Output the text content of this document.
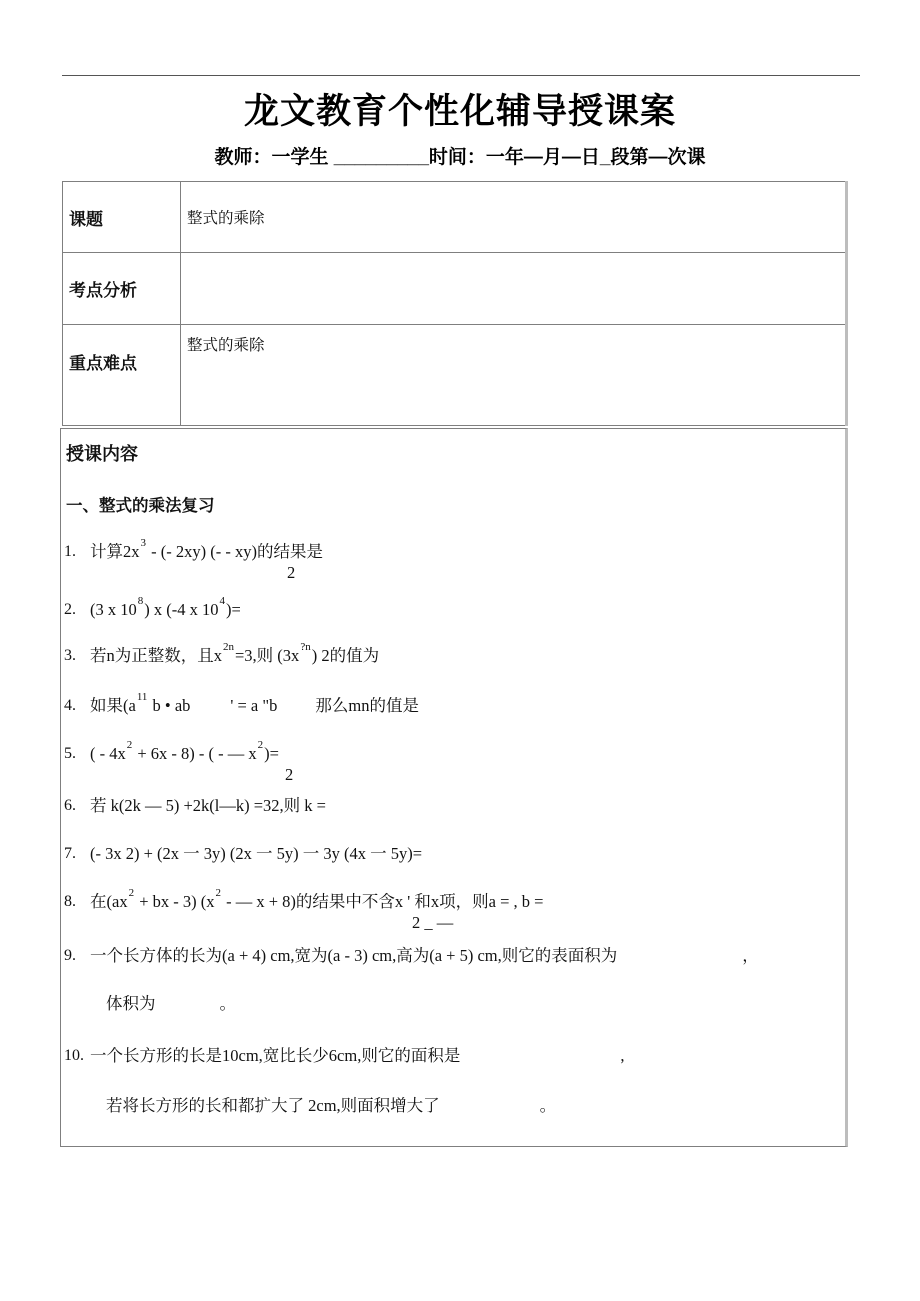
龙文教育个性化辅导授课案
教师：一学生 _________时间：一年—月—日_段第—次课
课题	整式的乘除
考点分析	
重点难点	整式的乘除
授课内容
一、整式的乘法复习
1. 计算$2x^3$ - (- 2xy) (- - xy)的结果是
2
2. (3 x $10^8$) x (-4 x $10^4)=$
3. 若n为正整数，且$x^{2n}=3$,则 $(3x^{?n})$ 2的值为
4. 如果($a^{11}$ b • ab ' = a "b 那么mn的值是
5. ( - $4x^2 + 6x - 8$) - ( - — $x^2)=$
2
6. 若 k(2k — 5) +2k(l—k) =32,则 k =
7. (- 3x 2) + (2x 一 3y) (2x 一 5y) 一 3y (4x 一 5y)=
8. 在($ax^2$ + bx - 3) ($x^2$ - — x + 8)的结果中不含x ' 和x项，则a = , b =
2 _ —
9. 一个长方体的长为(a + 4) cm,宽为(a - 3) cm,高为(a + 5) cm,则它的表面积为	，
体积为	。
10. 一个长方形的长是10cm,宽比长少6cm,则它的面积是	,
若将长方形的长和都扩大了 2cm,则面积增大了	。
